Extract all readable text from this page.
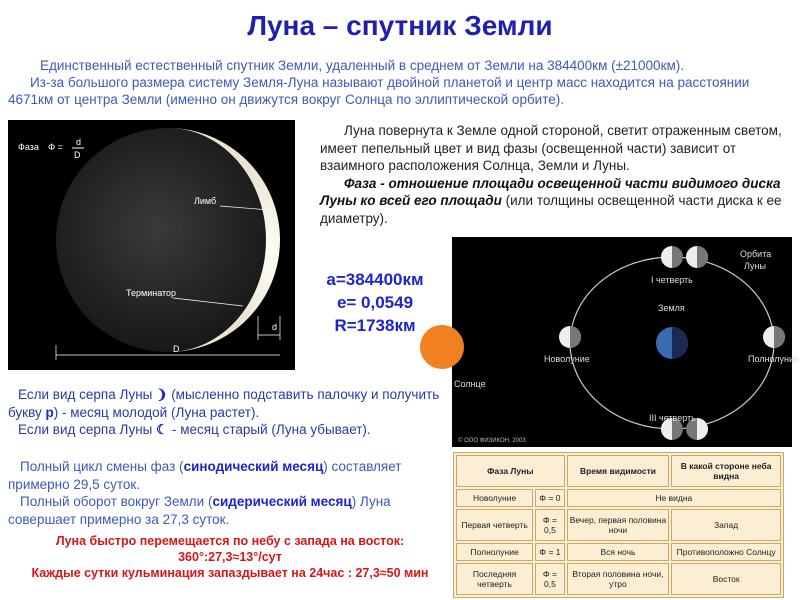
Луна – спутник Земли
Единственный естественный спутник Земли, удаленный в среднем от Земли на 384400км (±21000км).
Из-за большого размера систему Земля-Луна называют двойной планетой и центр масс находится на расстоянии 4671км от центра Земли (именно он движутся вокруг Солнца по эллиптической орбите).
Фаза Φ = d
D
Лимб
Терминатор
d
D
Луна повернута к Земле одной стороной, светит отраженным светом, имеет пепельный цвет и вид фазы (освещенной части) зависит от взаимного расположения Солнца, Земли и Луны.
Фаза - отношение площади освещенной части видимого диска Луны ко всей его площади (или толщины освещенной части диска к ее диаметру).
a=384400км
e= 0,0549
R=1738км
Солнце
Земля
I четверть
III четверть
Новолуние	Полнолуние
Орбита Луны
© ООО ФИЗИКОН, 2003
Если вид серпа Луны ❩ (мысленно подставить палочку и получить букву р) - месяц молодой (Луна растет).
Если вид серпа Луны ☾ - месяц старый (Луна убывает).
Полный цикл смены фаз (синодический месяц) составляет примерно 29,5 суток.
Полный оборот вокруг Земли (сидерический месяц) Луна совершает примерно за 27,3 суток.
Луна быстро перемещается по небу с запада на восток:
360°:27,3≈13°/сут
Каждые сутки кульминация запаздывает на 24час : 27,3≈50 мин
Фаза Луны		Время видимости	В какой стороне неба видна
Новолуние	Φ = 0	Не видна	
Первая четверть	Φ = 0,5	Вечер, первая половина ночи	Запад
Полнолуние	Φ = 1	Вся ночь	Противоположно Солнцу
Последняя четверть	Φ = 0,5	Вторая половина ночи, утро	Восток
